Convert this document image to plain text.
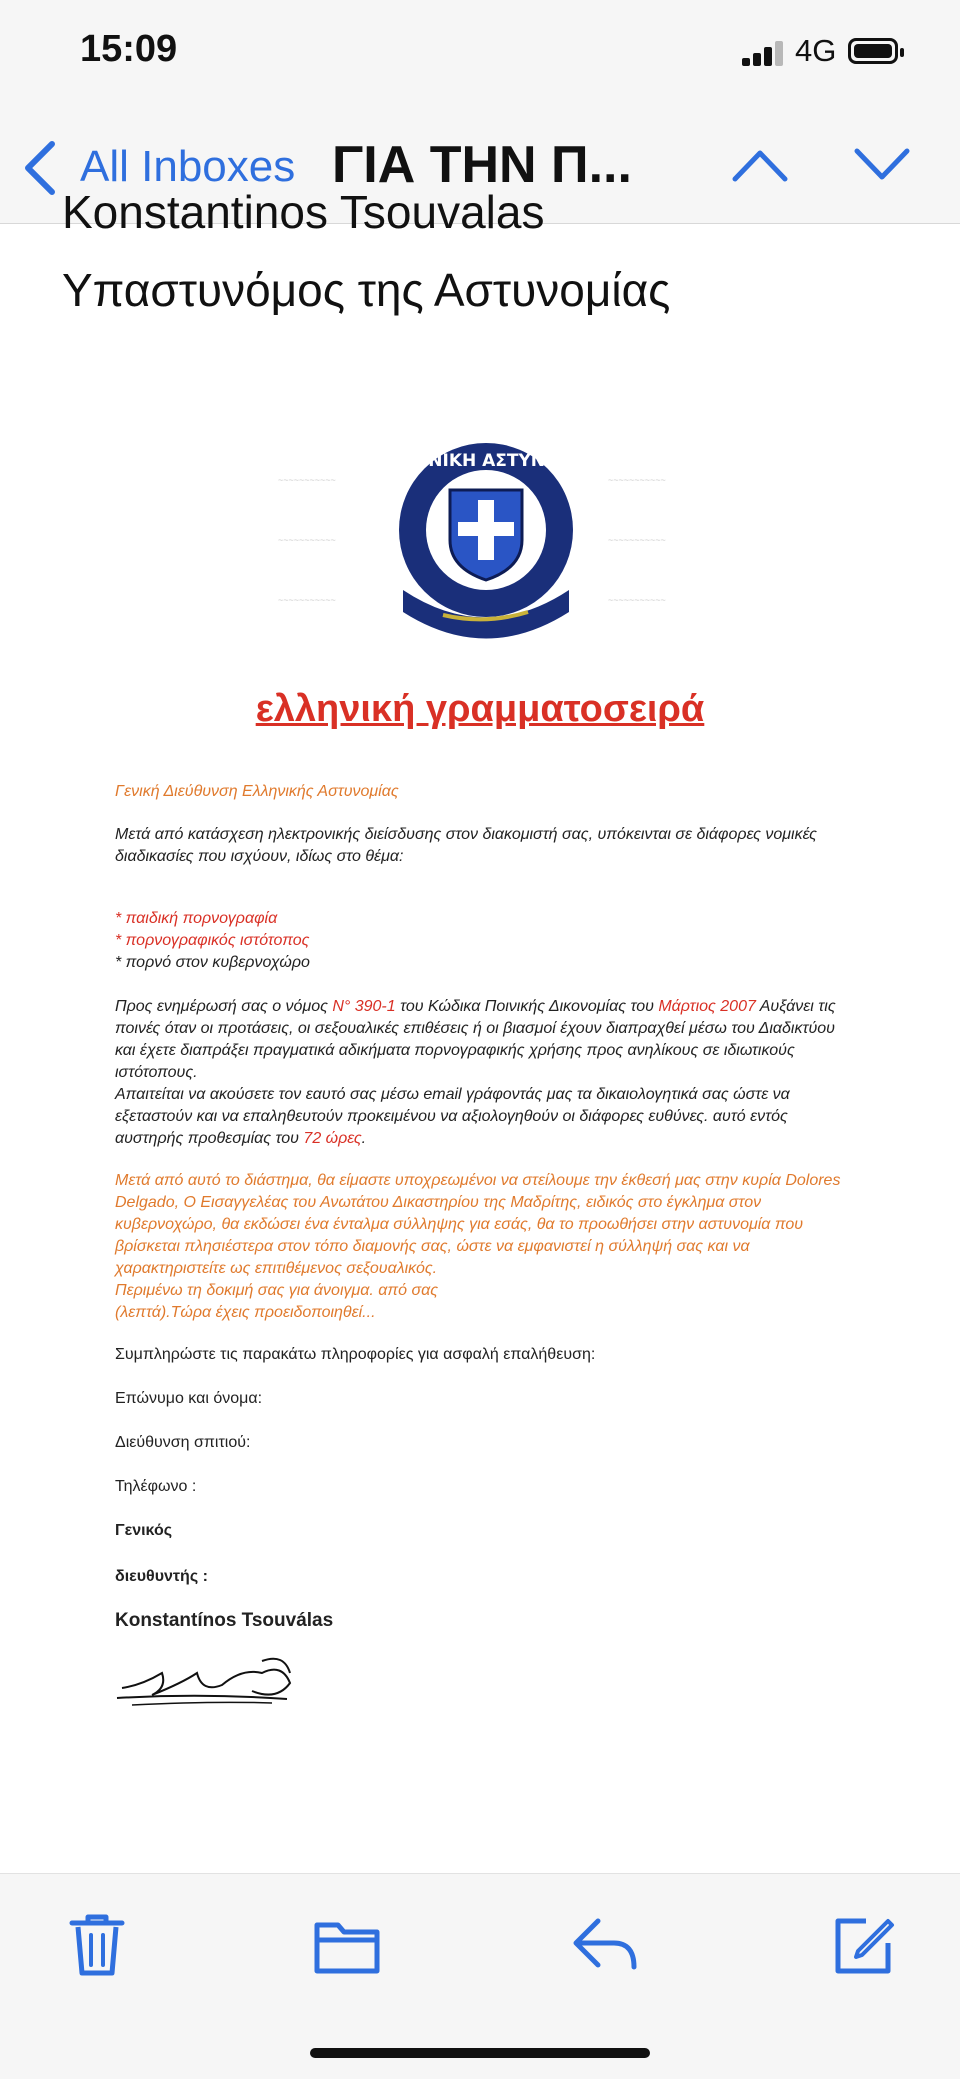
15:09	4G
All Inboxes ΓΙΑ ΤΗΝ Π...
Konstantinos Tsouvalas
Υπαστυνόμος της Αστυνομίας
~~~~~~~~~~~
~~~~~~~~~~~
~~~~~~~~~~~
~~~~~~~~~~~
~~~~~~~~~~~
~~~~~~~~~~~
ΕΛΛΗΝΙΚΗ ΑΣΤΥΝΟΜΙΑ
ελληνική γραμματοσειρά
Γενική Διεύθυνση Ελληνικής Αστυνομίας
Μετά από κατάσχεση ηλεκτρονικής διείσδυσης στον διακομιστή σας, υπόκεινται σε διάφορες νομικές διαδικασίες που ισχύουν, ιδίως στο θέμα:
* παιδική πορνογραφία
* πορνογραφικός ιστότοπος
* πορνό στον κυβερνοχώρο
Προς ενημέρωσή σας ο νόμος N° 390-1 του Κώδικα Ποινικής Δικονομίας του Μάρτιος 2007 Αυξάνει τις ποινές όταν οι προτάσεις, οι σεξουαλικές επιθέσεις ή οι βιασμοί έχουν διαπραχθεί μέσω του Διαδικτύου και έχετε διαπράξει πραγματικά αδικήματα πορνογραφικής χρήσης προς ανηλίκους σε ιδιωτικούς ιστότοπους.
Απαιτείται να ακούσετε τον εαυτό σας μέσω email γράφοντάς μας τα δικαιολογητικά σας ώστε να εξεταστούν και να επαληθευτούν προκειμένου να αξιολογηθούν οι διάφορες ευθύνες. αυτό εντός αυστηρής προθεσμίας του 72 ώρες.
Μετά από αυτό το διάστημα, θα είμαστε υποχρεωμένοι να στείλουμε την έκθεσή μας στην κυρία Dolores Delgado, Ο Εισαγγελέας του Ανωτάτου Δικαστηρίου της Μαδρίτης, ειδικός στο έγκλημα στον κυβερνοχώρο, θα εκδώσει ένα ένταλμα σύλληψης για εσάς, θα το προωθήσει στην αστυνομία που βρίσκεται πλησιέστερα στον τόπο διαμονής σας, ώστε να εμφανιστεί η σύλληψή σας και να χαρακτηριστείτε ως επιτιθέμενος σεξουαλικός.
Περιμένω τη δοκιμή σας για άνοιγμα. από σας
(λεπτά).Τώρα έχεις προειδοποιηθεί...
Συμπληρώστε τις παρακάτω πληροφορίες για ασφαλή επαλήθευση:
Επώνυμο και όνομα:
Διεύθυνση σπιτιού:
Τηλέφωνο :
Γενικός
διευθυντής :
Konstantínos Tsouválas
